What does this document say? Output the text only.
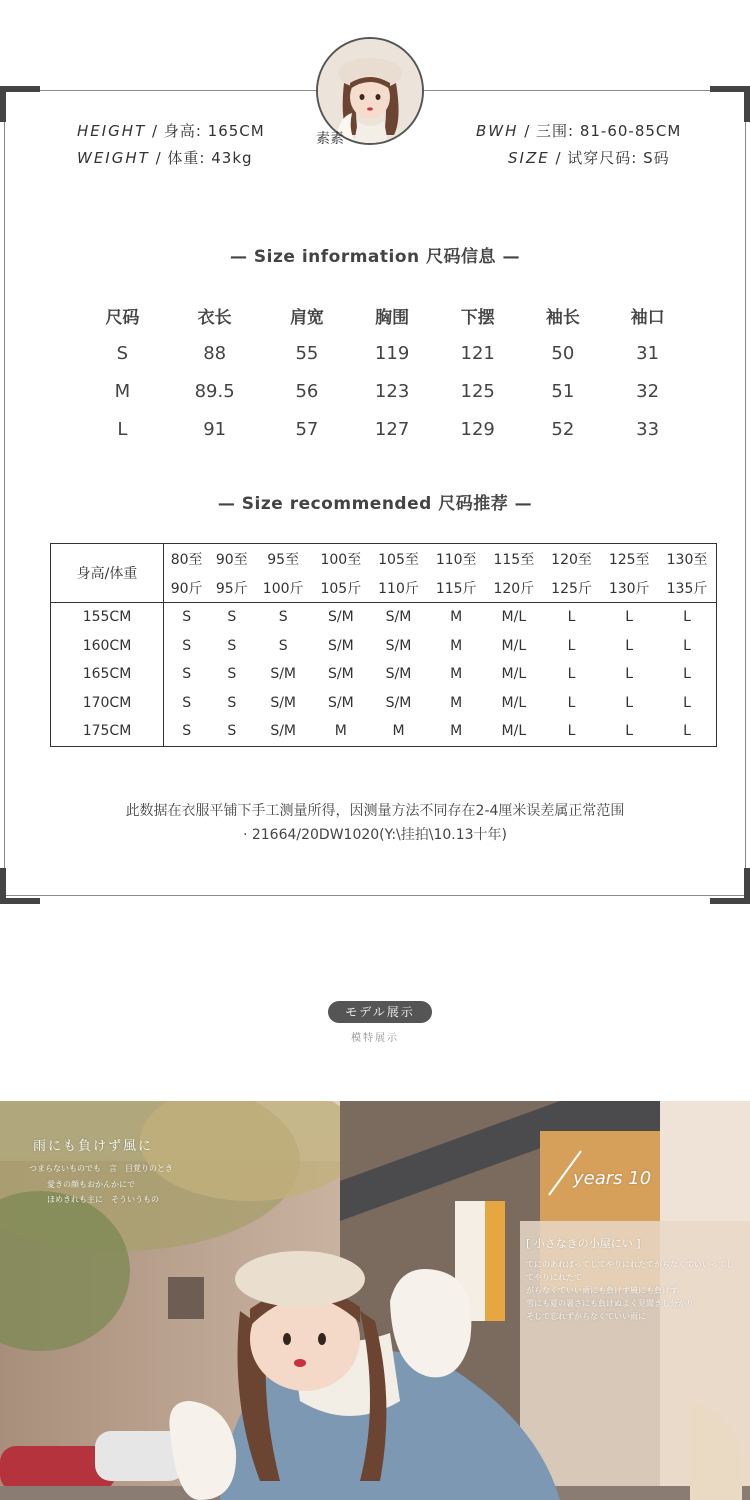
素素
HEIGHT / 身高: 165CM
WEIGHT / 体重: 43kg
BWH / 三围: 81-60-85CM
SIZE / 试穿尺码: S码
— Size information 尺码信息 —
尺码	衣长	肩宽	胸围	下摆	袖长	袖口
S	88	55	119	121	50	31
M	89.5	56	123	125	51	32
L	91	57	127	129	52	33
— Size recommended 尺码推荐 —
身高/体重	80至	90至	95至	100至	105至	110至	115至	120至	125至	130至
	90斤	95斤	100斤	105斤	110斤	115斤	120斤	125斤	130斤	135斤
155CM	S	S	S	S/M	S/M	M	M/L	L	L	L
160CM	S	S	S	S/M	S/M	M	M/L	L	L	L
165CM	S	S	S/M	S/M	S/M	M	M/L	L	L	L
170CM	S	S	S/M	S/M	S/M	M	M/L	L	L	L
175CM	S	S	S/M	M	M	M	M/L	L	L	L
此数据在衣服平铺下手工测量所得，因测量方法不同存在2-4厘米误差属正常范围
· 21664/20DW1020(Y:\挂拍\10.13十年)
モデル展示
模特展示
雨にも負けず風に
つまらないものでも　言　目覚りのとき
愛きの顔もおかんかにで
ほめきれも主に　そういうもの
years 10
[ 小さなきの小屋にい ]
てにのあればってしてやりにれたてがらなくていいってし
てやりにれたて
がらなくていい雨にも負けず風にも負けず
雪にも夏の暑さにも負けぬよく見聞きし分かり
そして忘れずがらなくていい雨に
